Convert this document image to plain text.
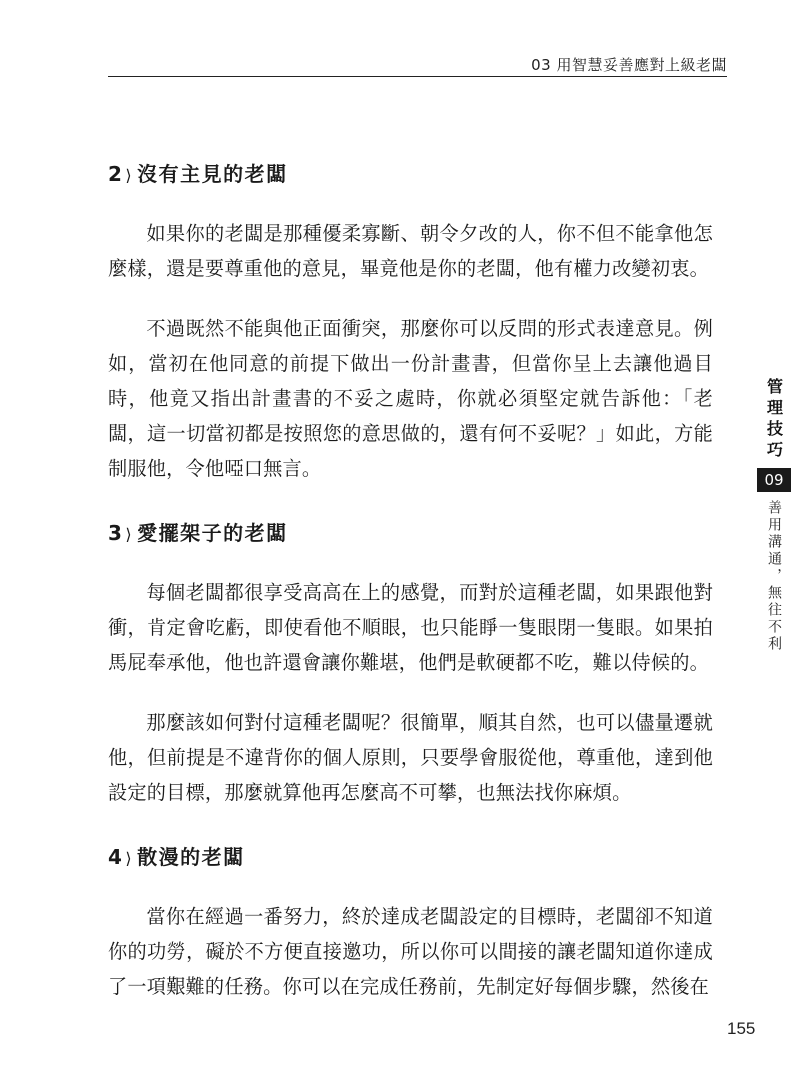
03 用智慧妥善應對上級老闆
2 ⟩ 沒有主見的老闆

如果你的老闆是那種優柔寡斷、朝令夕改的人，你不但不能拿他怎麼樣，還是要尊重他的意見，畢竟他是你的老闆，他有權力改變初衷。

不過既然不能與他正面衝突，那麼你可以反問的形式表達意見。例如，當初在他同意的前提下做出一份計畫書，但當你呈上去讓他過目時，他竟又指出計畫書的不妥之處時，你就必須堅定就告訴他：「老闆，這一切當初都是按照您的意思做的，還有何不妥呢？」如此，方能制服他，令他啞口無言。

3 ⟩ 愛擺架子的老闆

每個老闆都很享受高高在上的感覺，而對於這種老闆，如果跟他對衝，肯定會吃虧，即使看他不順眼，也只能睜一隻眼閉一隻眼。如果拍馬屁奉承他，他也許還會讓你難堪，他們是軟硬都不吃，難以侍候的。

那麼該如何對付這種老闆呢？很簡單，順其自然，也可以儘量遷就他，但前提是不違背你的個人原則，只要學會服從他，尊重他，達到他設定的目標，那麼就算他再怎麼高不可攀，也無法找你麻煩。

4 ⟩ 散漫的老闆

當你在經過一番努力，終於達成老闆設定的目標時，老闆卻不知道你的功勞，礙於不方便直接邀功，所以你可以間接的讓老闆知道你達成了一項艱難的任務。你可以在完成任務前，先制定好每個步驟，然後在

管理技巧
09
善用溝通，無往不利
155
